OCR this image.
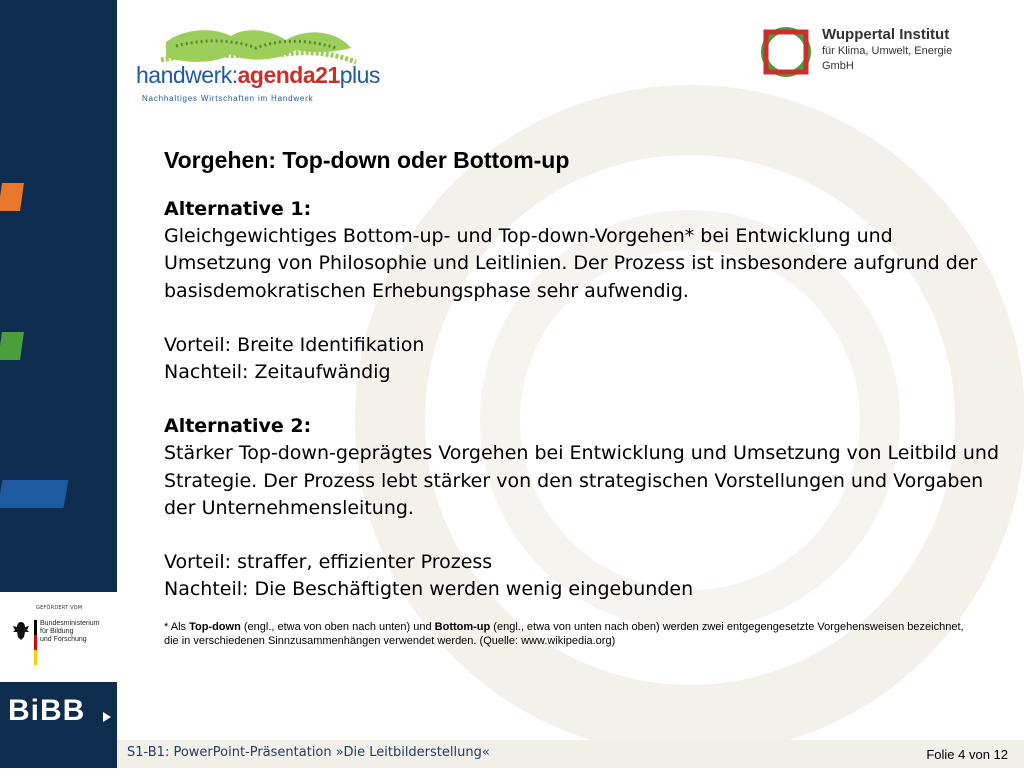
GEFÖRDERT VOM
Bundesministerium
für Bildung
und Forschung
BiBB
handwerk:agenda21plus
Nachhaltiges Wirtschaften im Handwerk
Wuppertal Institut
für Klima, Umwelt, Energie
GmbH
Vorgehen: Top-down oder Bottom-up

Alternative 1:

Gleichgewichtiges Bottom-up- und Top-down-Vorgehen* bei Entwicklung und Umsetzung von Philosophie und Leitlinien. Der Prozess ist insbesondere aufgrund der basisdemokratischen Erhebungsphase sehr aufwendig.

Vorteil: Breite Identifikation

Nachteil: Zeitaufwändig

Alternative 2:

Stärker Top-down-geprägtes Vorgehen bei Entwicklung und Umsetzung von Leitbild und Strategie. Der Prozess lebt stärker von den strategischen Vorstellungen und Vorgaben der Unternehmensleitung.

Vorteil: straffer, effizienter Prozess

Nachteil: Die Beschäftigten werden wenig eingebunden

* Als Top-down (engl., etwa von oben nach unten) und Bottom-up (engl., etwa von unten nach oben) werden zwei entgegengesetzte Vorgehensweisen bezeichnet, die in verschiedenen Sinnzusammenhängen verwendet werden. (Quelle: www.wikipedia.org)

S1-B1: PowerPoint-Präsentation »Die Leitbilderstellung«	Folie 4 von 12
